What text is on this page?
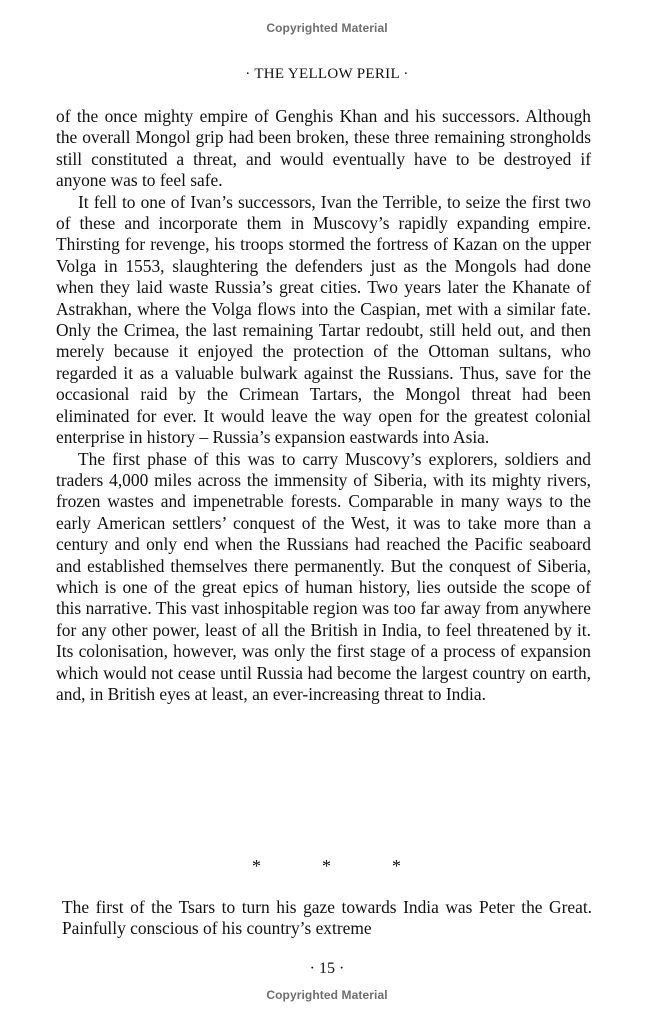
Copyrighted Material
· THE YELLOW PERIL ·

of the once mighty empire of Genghis Khan and his successors. Although the overall Mongol grip had been broken, these three remaining strongholds still constituted a threat, and would eventually have to be destroyed if anyone was to feel safe.

It fell to one of Ivan’s successors, Ivan the Terrible, to seize the first two of these and incorporate them in Muscovy’s rapidly expanding empire. Thirsting for revenge, his troops stormed the fortress of Kazan on the upper Volga in 1553, slaughtering the defenders just as the Mongols had done when they laid waste Russia’s great cities. Two years later the Khanate of Astrakhan, where the Volga flows into the Caspian, met with a similar fate. Only the Crimea, the last remaining Tartar redoubt, still held out, and then merely because it enjoyed the protection of the Ottoman sultans, who regarded it as a valuable bulwark against the Russians. Thus, save for the occasional raid by the Crimean Tartars, the Mongol threat had been eliminated for ever. It would leave the way open for the greatest colonial enterprise in history – Russia’s expansion eastwards into Asia.

The first phase of this was to carry Muscovy’s explorers, soldiers and traders 4,000 miles across the immensity of Siberia, with its mighty rivers, frozen wastes and impenetrable forests. Comparable in many ways to the early American settlers’ conquest of the West, it was to take more than a century and only end when the Russians had reached the Pacific seaboard and established themselves there permanently. But the conquest of Siberia, which is one of the great epics of human history, lies outside the scope of this narrative. This vast inhospitable region was too far away from anywhere for any other power, least of all the British in India, to feel threatened by it. Its colonisation, however, was only the first stage of a process of expansion which would not cease until Russia had become the largest country on earth, and, in British eyes at least, an ever-increasing threat to India.

*	*	*

The first of the Tsars to turn his gaze towards India was Peter the Great. Painfully conscious of his country’s extreme

· 15 ·
Copyrighted Material
